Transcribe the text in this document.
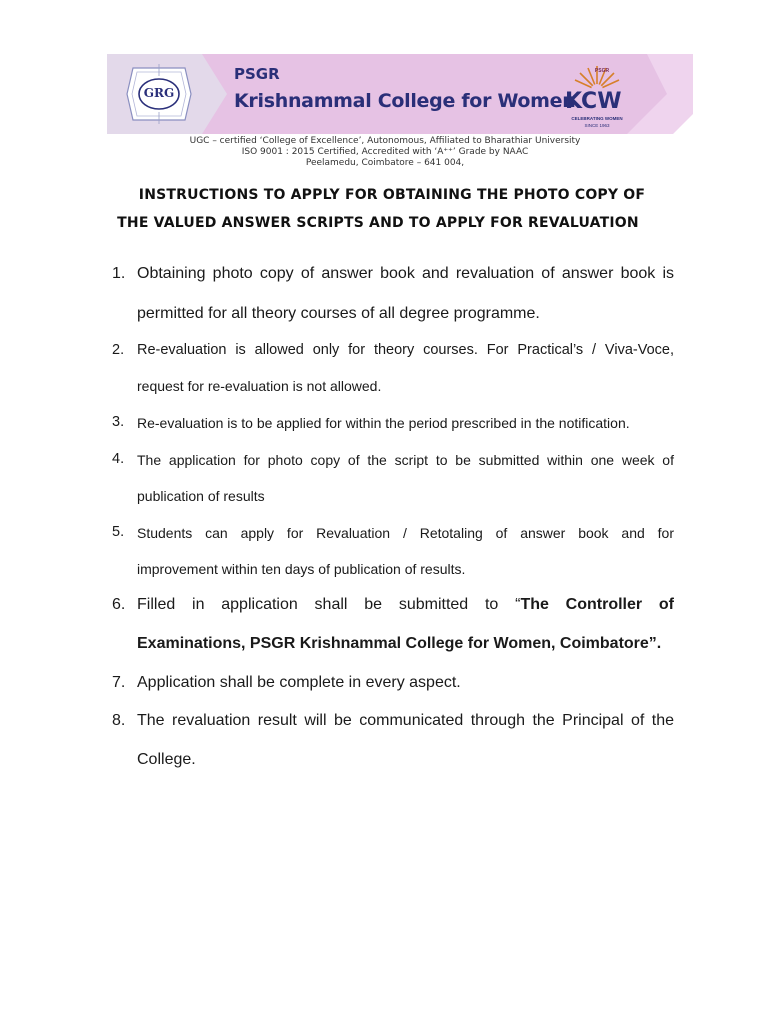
GRG
PSGR
Krishnammal College for Women
PSGR
KCW
CELEBRATING WOMEN
SINCE 1963
UGC – certified ‘College of Excellence’, Autonomous, Affiliated to Bharathiar University
ISO 9001 : 2015 Certified, Accredited with ‘A⁺⁺’ Grade by NAAC
Peelamedu, Coimbatore – 641 004,
INSTRUCTIONS TO APPLY FOR OBTAINING THE PHOTO COPY OF
THE VALUED ANSWER SCRIPTS AND TO APPLY FOR REVALUATION
1. Obtaining photo copy of answer book and revaluation of answer book is
permitted for all theory courses of all degree programme.
2. Re-evaluation is allowed only for theory courses. For Practical’s / Viva-Voce,
request for re-evaluation is not allowed.
3. Re-evaluation is to be applied for within the period prescribed in the notification.
4. The application for photo copy of the script to be submitted within one week of
publication of results
5. Students can apply for Revaluation / Retotaling of answer book and for
improvement within ten days of publication of results.
6. Filled in application shall be submitted to “The Controller of
Examinations, PSGR Krishnammal College for Women, Coimbatore”.
7. Application shall be complete in every aspect.
8. The revaluation result will be communicated through the Principal of the
College.
